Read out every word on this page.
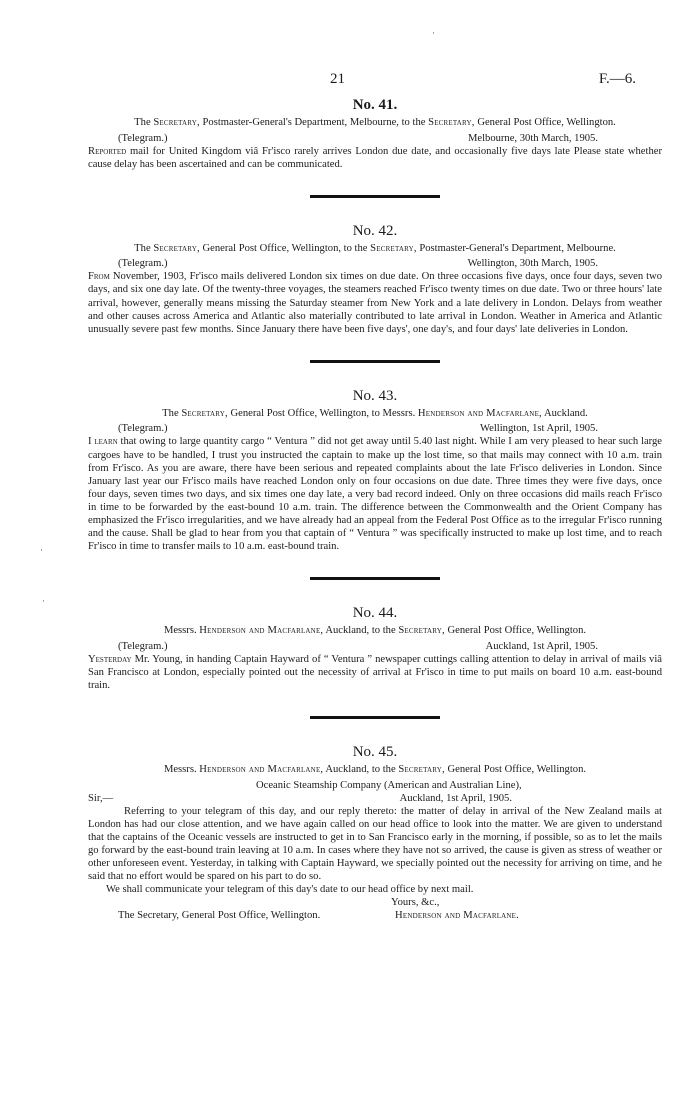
21	F.—6.
No. 41.
The Secretary, Postmaster-General's Department, Melbourne, to the Secretary, General Post Office, Wellington.
(Telegram.)	Melbourne, 30th March, 1905.

Reported mail for United Kingdom viâ Fr'isco rarely arrives London due date, and occasionally five days late Please state whether cause delay has been ascertained and can be communicated.

No. 42.
The Secretary, General Post Office, Wellington, to the Secretary, Postmaster-General's Department, Melbourne.
(Telegram.)	Wellington, 30th March, 1905.

From November, 1903, Fr'isco mails delivered London six times on due date. On three occasions five days, once four days, seven two days, and six one day late. Of the twenty-three voyages, the steamers reached Fr'isco twenty times on due date. Two or three hours' late arrival, however, generally means missing the Saturday steamer from New York and a late delivery in London. Delays from weather and other causes across America and Atlantic also materially contributed to late arrival in London. Weather in America and Atlantic unusually severe past few months. Since January there have been five days', one day's, and four days' late deliveries in London.

No. 43.
The Secretary, General Post Office, Wellington, to Messrs. Henderson and Macfarlane, Auckland.
(Telegram.)	Wellington, 1st April, 1905.

I learn that owing to large quantity cargo “ Ventura ” did not get away until 5.40 last night. While I am very pleased to hear such large cargoes have to be handled, I trust you instructed the captain to make up the lost time, so that mails may connect with 10 a.m. train from Fr'isco. As you are aware, there have been serious and repeated complaints about the late Fr'isco deliveries in London. Since January last year our Fr'isco mails have reached London only on four occasions on due date. Three times they were five days, once four days, seven times two days, and six times one day late, a very bad record indeed. Only on three occasions did mails reach Fr'isco in time to be forwarded by the east-bound 10 a.m. train. The difference between the Commonwealth and the Orient Company has emphasized the Fr'isco irregularities, and we have already had an appeal from the Federal Post Office as to the irregular Fr'isco running and the cause. Shall be glad to hear from you that captain of “ Ventura ” was specifically instructed to make up lost time, and to reach Fr'isco in time to transfer mails to 10 a.m. east-bound train.

No. 44.
Messrs. Henderson and Macfarlane, Auckland, to the Secretary, General Post Office, Wellington.
(Telegram.)	Auckland, 1st April, 1905.

Yesterday Mr. Young, in handing Captain Hayward of “ Ventura ” newspaper cuttings calling attention to delay in arrival of mails viâ San Francisco at London, especially pointed out the necessity of arrival at Fr'isco in time to put mails on board 10 a.m. east-bound train.

No. 45.
Messrs. Henderson and Macfarlane, Auckland, to the Secretary, General Post Office, Wellington.
Oceanic Steamship Company (American and Australian Line),
Sir,—	Auckland, 1st April, 1905.

Referring to your telegram of this day, and our reply thereto: the matter of delay in arrival of the New Zealand mails at London has had our close attention, and we have again called on our head office to look into the matter. We are given to understand that the captains of the Oceanic vessels are instructed to get in to San Francisco early in the morning, if possible, so as to let the mails go forward by the east-bound train leaving at 10 a.m. In cases where they have not so arrived, the cause is given as stress of weather or other unforeseen event. Yesterday, in talking with Captain Hayward, we specially pointed out the necessity for arriving on time, and he said that no effort would be spared on his part to do so.

We shall communicate your telegram of this day's date to our head office by next mail.

Yours, &c.,
The Secretary, General Post Office, Wellington.	Henderson and Macfarlane.
·
·
·
